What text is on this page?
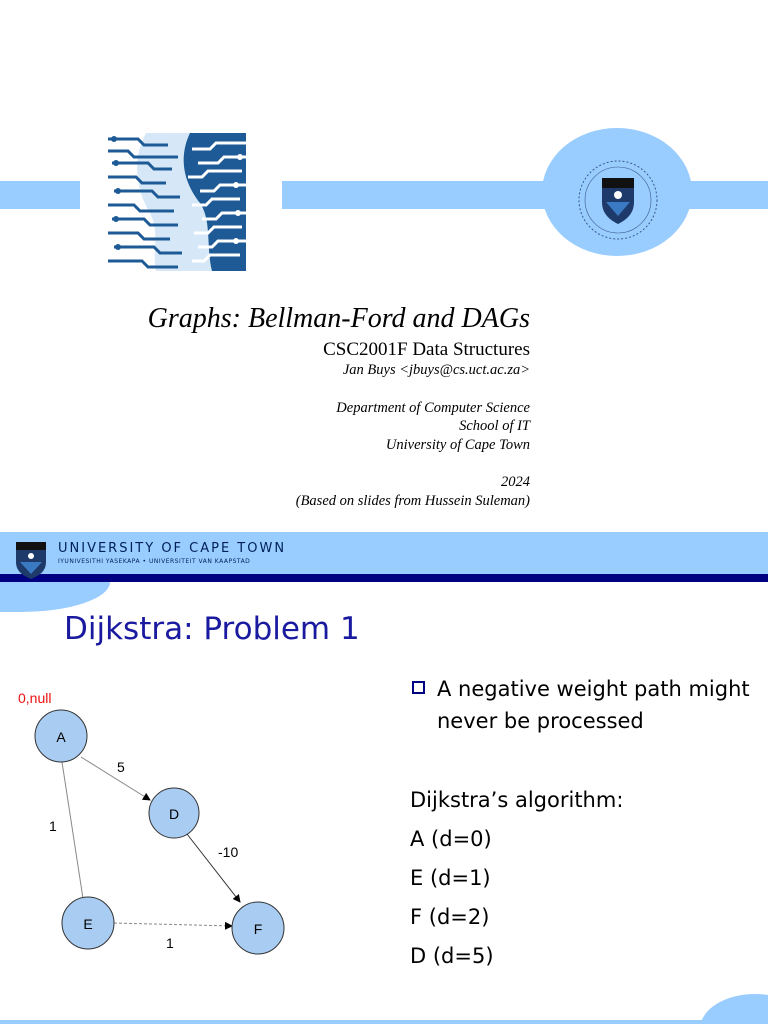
Graphs: Bellman-Ford and DAGs
CSC2001F Data Structures
Jan Buys <jbuys@cs.uct.ac.za>
Department of Computer Science
School of IT
University of Cape Town
2024
(Based on slides from Hussein Suleman)
UNIVERSITY OF CAPE TOWN
IYUNIVESITHI YASEKAPA • UNIVERSITEIT VAN KAAPSTAD
Dijkstra: Problem 1
A
D
E	F
0,null
5
1
-10
1
A negative weight path might never be processed
Dijkstra’s algorithm:
A (d=0)
E (d=1)
F (d=2)
D (d=5)
